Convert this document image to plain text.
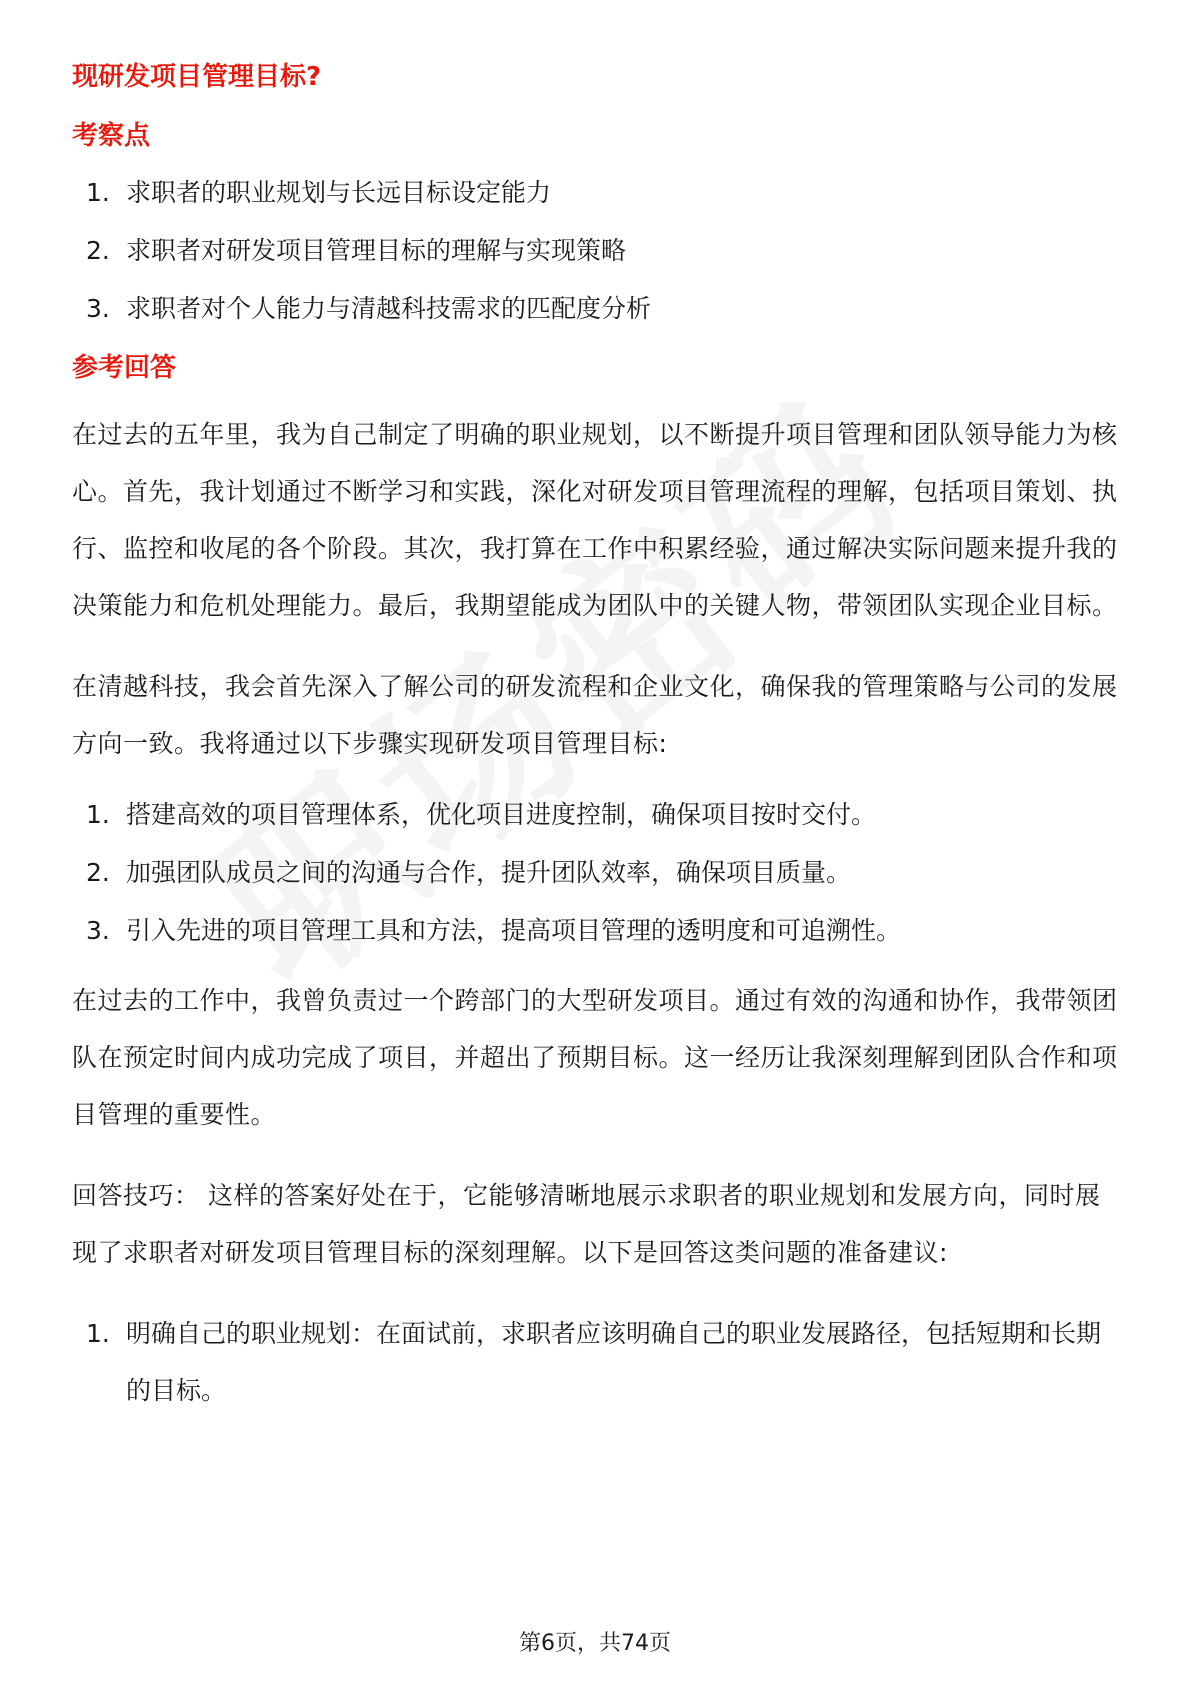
现研发项目管理目标?
考察点
1. 求职者的职业规划与长远目标设定能力
2. 求职者对研发项目管理目标的理解与实现策略
3. 求职者对个人能力与清越科技需求的匹配度分析
参考回答

在过去的五年里，我为自己制定了明确的职业规划，以不断提升项目管理和团队领导能力为核心。首先，我计划通过不断学习和实践，深化对研发项目管理流程的理解，包括项目策划、执行、监控和收尾的各个阶段。其次，我打算在工作中积累经验，通过解决实际问题来提升我的决策能力和危机处理能力。最后，我期望能成为团队中的关键人物，带领团队实现企业目标。

在清越科技，我会首先深入了解公司的研发流程和企业文化，确保我的管理策略与公司的发展方向一致。我将通过以下步骤实现研发项目管理目标:

1. 搭建高效的项目管理体系，优化项目进度控制，确保项目按时交付。
2. 加强团队成员之间的沟通与合作，提升团队效率，确保项目质量。
3. 引入先进的项目管理工具和方法，提高项目管理的透明度和可追溯性。

在过去的工作中，我曾负责过一个跨部门的大型研发项目。通过有效的沟通和协作，我带领团队在预定时间内成功完成了项目，并超出了预期目标。这一经历让我深刻理解到团队合作和项目管理的重要性。

回答技巧： 这样的答案好处在于，它能够清晰地展示求职者的职业规划和发展方向，同时展现了求职者对研发项目管理目标的深刻理解。以下是回答这类问题的准备建议:

1. 明确自己的职业规划：在面试前，求职者应该明确自己的职业发展路径，包括短期和长期的目标。
第6页，共74页
